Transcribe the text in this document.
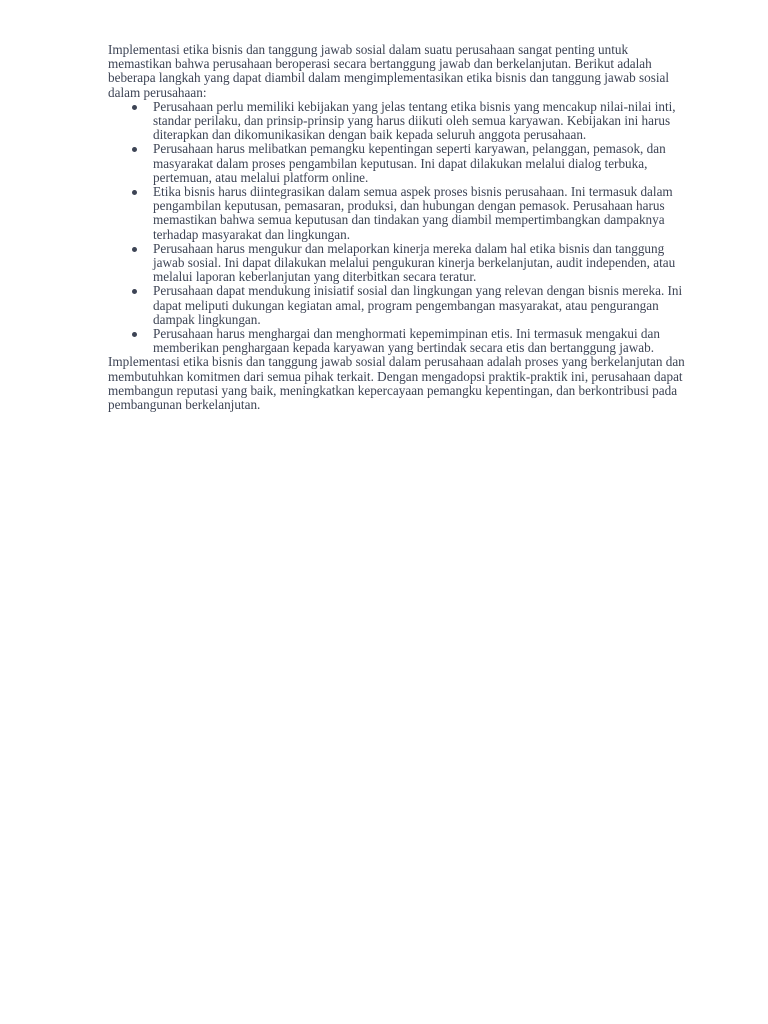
Implementasi etika bisnis dan tanggung jawab sosial dalam suatu perusahaan sangat penting untuk memastikan bahwa perusahaan beroperasi secara bertanggung jawab dan berkelanjutan. Berikut adalah beberapa langkah yang dapat diambil dalam mengimplementasikan etika bisnis dan tanggung jawab sosial dalam perusahaan:

Perusahaan perlu memiliki kebijakan yang jelas tentang etika bisnis yang mencakup nilai-nilai inti, standar perilaku, dan prinsip-prinsip yang harus diikuti oleh semua karyawan. Kebijakan ini harus diterapkan dan dikomunikasikan dengan baik kepada seluruh anggota perusahaan.
Perusahaan harus melibatkan pemangku kepentingan seperti karyawan, pelanggan, pemasok, dan masyarakat dalam proses pengambilan keputusan. Ini dapat dilakukan melalui dialog terbuka, pertemuan, atau melalui platform online.
Etika bisnis harus diintegrasikan dalam semua aspek proses bisnis perusahaan. Ini termasuk dalam pengambilan keputusan, pemasaran, produksi, dan hubungan dengan pemasok. Perusahaan harus memastikan bahwa semua keputusan dan tindakan yang diambil mempertimbangkan dampaknya terhadap masyarakat dan lingkungan.
Perusahaan harus mengukur dan melaporkan kinerja mereka dalam hal etika bisnis dan tanggung jawab sosial. Ini dapat dilakukan melalui pengukuran kinerja berkelanjutan, audit independen, atau melalui laporan keberlanjutan yang diterbitkan secara teratur.
Perusahaan dapat mendukung inisiatif sosial dan lingkungan yang relevan dengan bisnis mereka. Ini dapat meliputi dukungan kegiatan amal, program pengembangan masyarakat, atau pengurangan dampak lingkungan.
Perusahaan harus menghargai dan menghormati kepemimpinan etis. Ini termasuk mengakui dan memberikan penghargaan kepada karyawan yang bertindak secara etis dan bertanggung jawab.

Implementasi etika bisnis dan tanggung jawab sosial dalam perusahaan adalah proses yang berkelanjutan dan membutuhkan komitmen dari semua pihak terkait. Dengan mengadopsi praktik-praktik ini, perusahaan dapat membangun reputasi yang baik, meningkatkan kepercayaan pemangku kepentingan, dan berkontribusi pada pembangunan berkelanjutan.
